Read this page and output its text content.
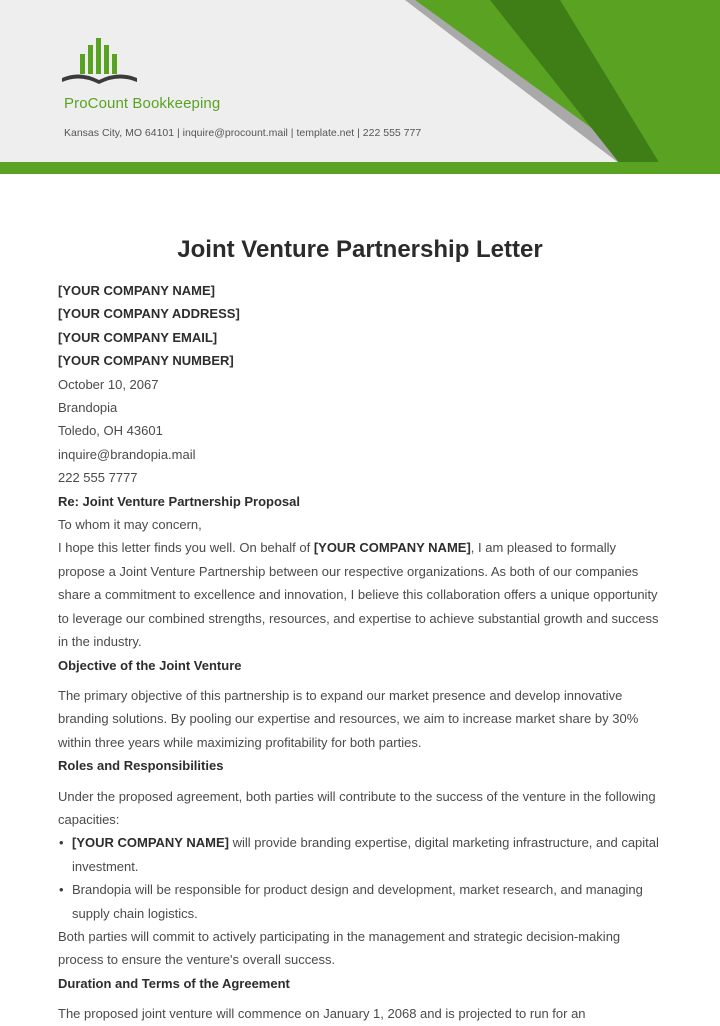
ProCount Bookkeeping
Kansas City, MO 64101 | inquire@procount.mail | template.net | 222 555 777
Joint Venture Partnership Letter

[YOUR COMPANY NAME]

[YOUR COMPANY ADDRESS]

[YOUR COMPANY EMAIL]

[YOUR COMPANY NUMBER]

October 10, 2067

Brandopia

Toledo, OH 43601

inquire@brandopia.mail

222 555 7777

Re: Joint Venture Partnership Proposal

To whom it may concern,

I hope this letter finds you well. On behalf of [YOUR COMPANY NAME], I am pleased to formally propose a Joint Venture Partnership between our respective organizations. As both of our companies share a commitment to excellence and innovation, I believe this collaboration offers a unique opportunity to leverage our combined strengths, resources, and expertise to achieve substantial growth and success in the industry.

Objective of the Joint Venture

The primary objective of this partnership is to expand our market presence and develop innovative branding solutions. By pooling our expertise and resources, we aim to increase market share by 30% within three years while maximizing profitability for both parties.

Roles and Responsibilities

Under the proposed agreement, both parties will contribute to the success of the venture in the following capacities:

• [YOUR COMPANY NAME] will provide branding expertise, digital marketing infrastructure, and capital investment.
• Brandopia will be responsible for product design and development, market research, and managing supply chain logistics.

Both parties will commit to actively participating in the management and strategic decision-making process to ensure the venture's overall success.

Duration and Terms of the Agreement

The proposed joint venture will commence on January 1, 2068 and is projected to run for an
